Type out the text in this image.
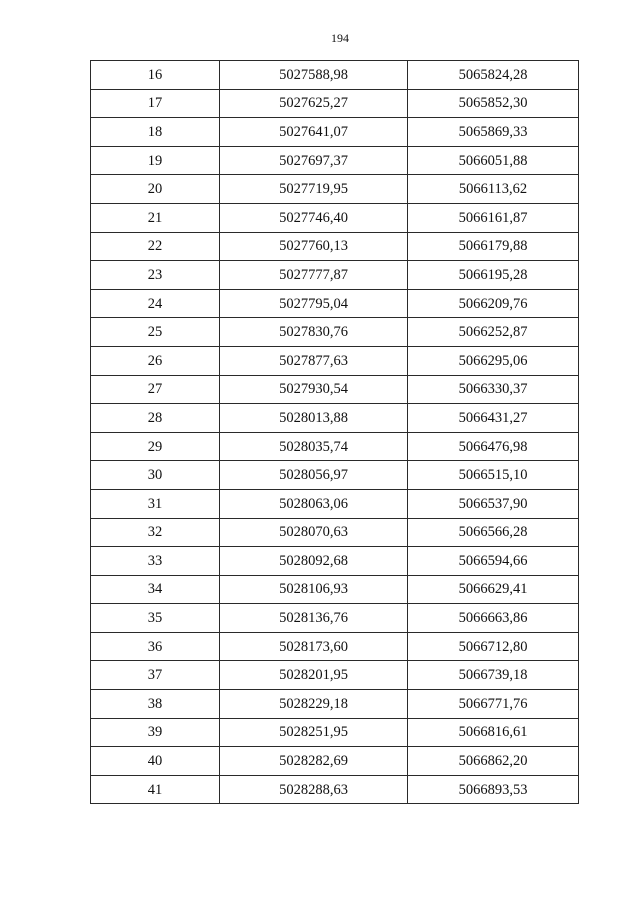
194
16	5027588,98	5065824,28
17	5027625,27	5065852,30
18	5027641,07	5065869,33
19	5027697,37	5066051,88
20	5027719,95	5066113,62
21	5027746,40	5066161,87
22	5027760,13	5066179,88
23	5027777,87	5066195,28
24	5027795,04	5066209,76
25	5027830,76	5066252,87
26	5027877,63	5066295,06
27	5027930,54	5066330,37
28	5028013,88	5066431,27
29	5028035,74	5066476,98
30	5028056,97	5066515,10
31	5028063,06	5066537,90
32	5028070,63	5066566,28
33	5028092,68	5066594,66
34	5028106,93	5066629,41
35	5028136,76	5066663,86
36	5028173,60	5066712,80
37	5028201,95	5066739,18
38	5028229,18	5066771,76
39	5028251,95	5066816,61
40	5028282,69	5066862,20
41	5028288,63	5066893,53
